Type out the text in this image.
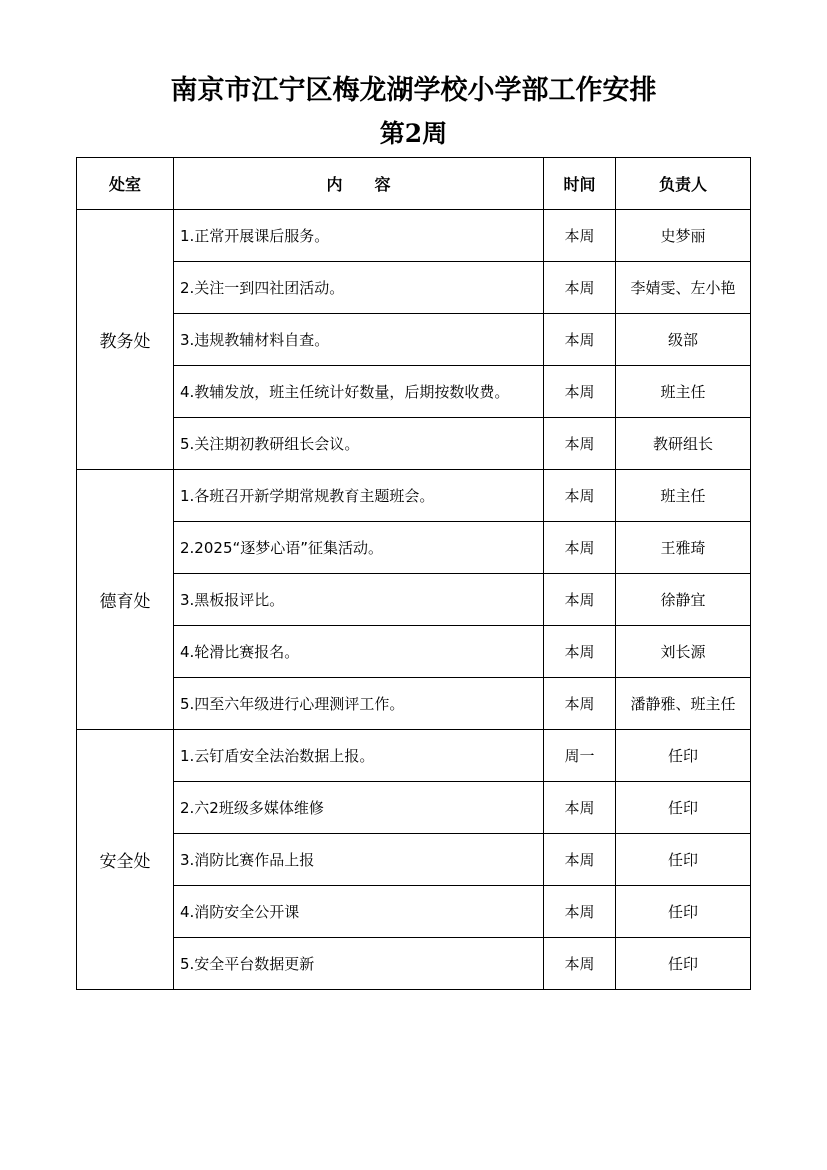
南京市江宁区梅龙湖学校小学部工作安排
第2周
处室	内　　容	时间	负责人
教务处	1.正常开展课后服务。	本周	史梦丽
	2.关注一到四社团活动。	本周	李婧雯、左小艳
	3.违规教辅材料自查。	本周	级部
	4.教辅发放，班主任统计好数量，后期按数收费。	本周	班主任
	5.关注期初教研组长会议。	本周	教研组长
德育处	1.各班召开新学期常规教育主题班会。	本周	班主任
	2.2025“逐梦心语”征集活动。	本周	王雅琦
	3.黑板报评比。	本周	徐静宜
	4.轮滑比赛报名。	本周	刘长源
	5.四至六年级进行心理测评工作。	本周	潘静雅、班主任
安全处	1.云钉盾安全法治数据上报。	周一	任印
	2.六2班级多媒体维修	本周	任印
	3.消防比赛作品上报	本周	任印
	4.消防安全公开课	本周	任印
	5.安全平台数据更新	本周	任印
